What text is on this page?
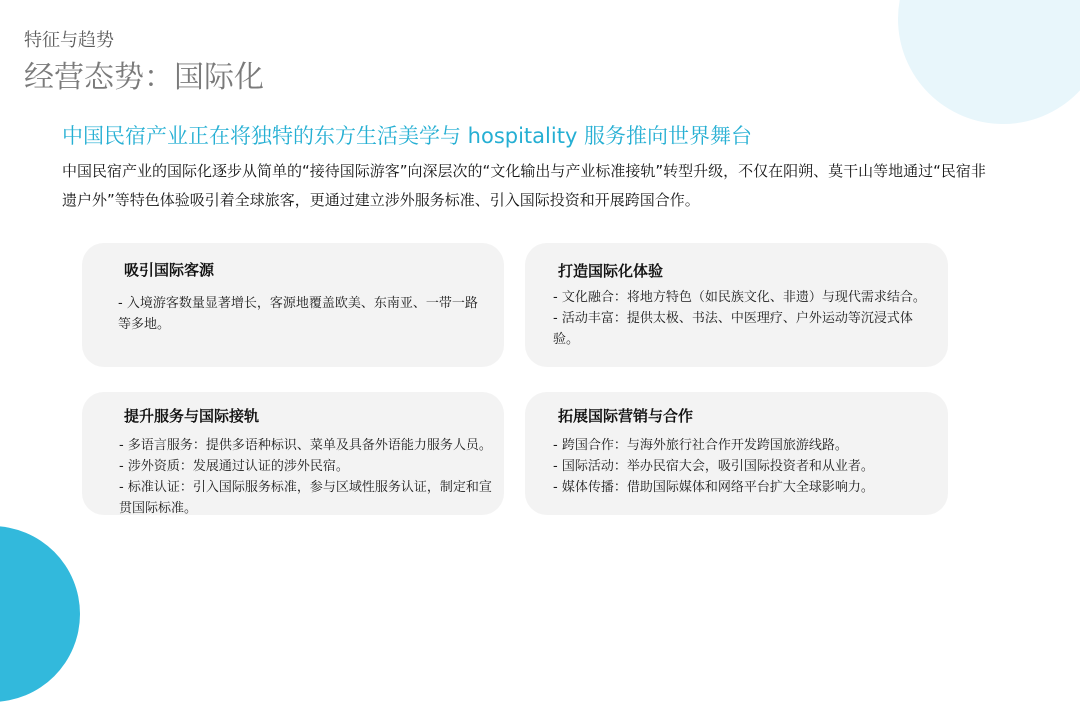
特征与趋势
经营态势：国际化
中国民宿产业正在将独特的东方生活美学与 hospitality 服务推向世界舞台
中国民宿产业的国际化逐步从简单的“接待国际游客”向深层次的“文化输出与产业标准接轨”转型升级，不仅在阳朔、莫干山等地通过“民宿非遗户外”等特色体验吸引着全球旅客，更通过建立涉外服务标准、引入国际投资和开展跨国合作。
吸引国际客源

- 入境游客数量显著增长，客源地覆盖欧美、东南亚、一带一路等多地。

打造国际化体验

- 文化融合：将地方特色（如民族文化、非遗）与现代需求结合。

- 活动丰富：提供太极、书法、中医理疗、户外运动等沉浸式体验。

提升服务与国际接轨

- 多语言服务：提供多语种标识、菜单及具备外语能力服务人员。

- 涉外资质：发展通过认证的涉外民宿。

- 标准认证：引入国际服务标准，参与区域性服务认证，制定和宣贯国际标准。

拓展国际营销与合作

- 跨国合作：与海外旅行社合作开发跨国旅游线路。

- 国际活动：举办民宿大会，吸引国际投资者和从业者。

- 媒体传播：借助国际媒体和网络平台扩大全球影响力。
